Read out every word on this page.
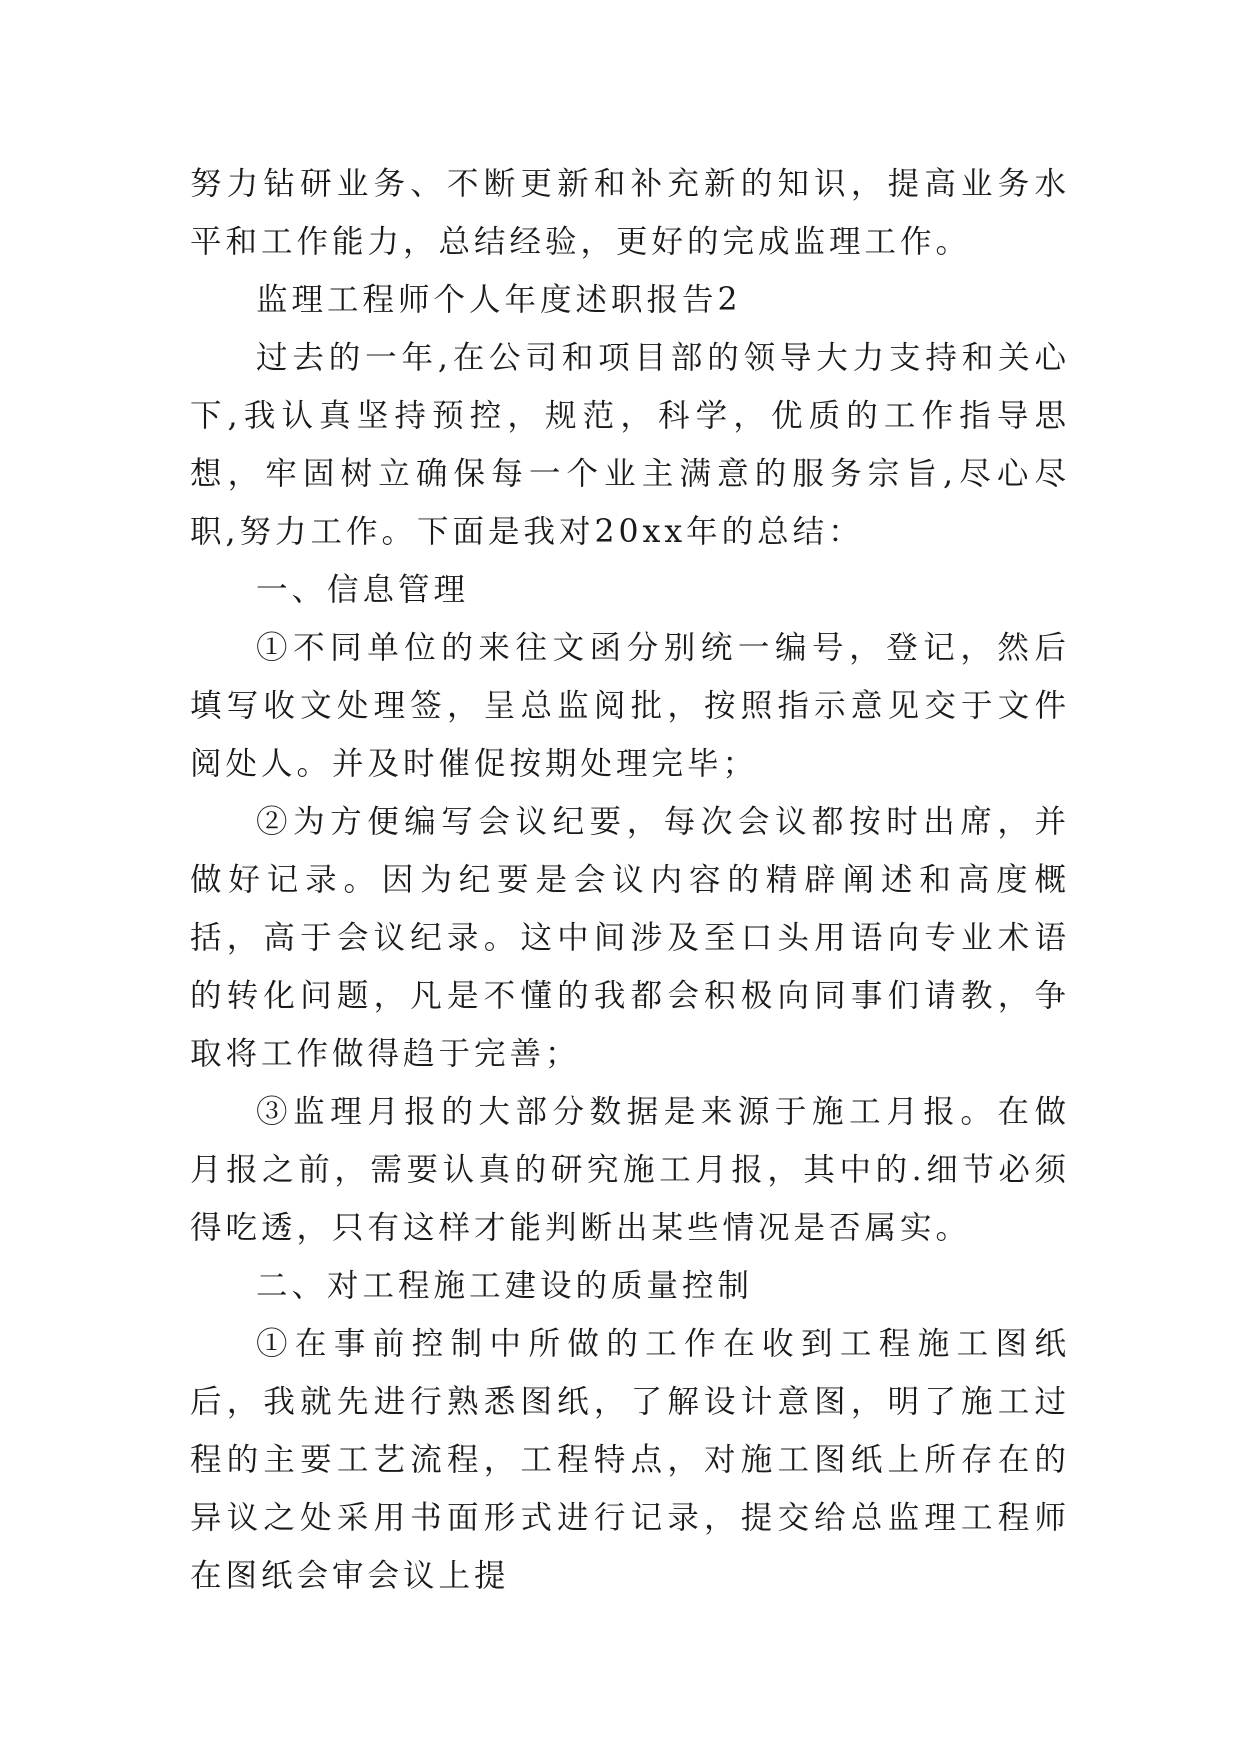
努力钻研业务、不断更新和补充新的知识，提高业务水平和工作能力，总结经验，更好的完成监理工作。

监理工程师个人年度述职报告2

过去的一年,在公司和项目部的领导大力支持和关心下,我认真坚持预控，规范，科学，优质的工作指导思想，牢固树立确保每一个业主满意的服务宗旨,尽心尽职,努力工作。下面是我对20xx年的总结：

一、信息管理

①不同单位的来往文函分别统一编号，登记，然后填写收文处理签，呈总监阅批，按照指示意见交于文件阅处人。并及时催促按期处理完毕；

②为方便编写会议纪要，每次会议都按时出席，并做好记录。因为纪要是会议内容的精辟阐述和高度概括，高于会议纪录。这中间涉及至口头用语向专业术语的转化问题，凡是不懂的我都会积极向同事们请教，争取将工作做得趋于完善；

③监理月报的大部分数据是来源于施工月报。在做月报之前，需要认真的研究施工月报，其中的.细节必须得吃透，只有这样才能判断出某些情况是否属实。

二、对工程施工建设的质量控制

①在事前控制中所做的工作在收到工程施工图纸后，我就先进行熟悉图纸，了解设计意图，明了施工过程的主要工艺流程，工程特点，对施工图纸上所存在的异议之处采用书面形式进行记录，提交给总监理工程师在图纸会审会议上提
